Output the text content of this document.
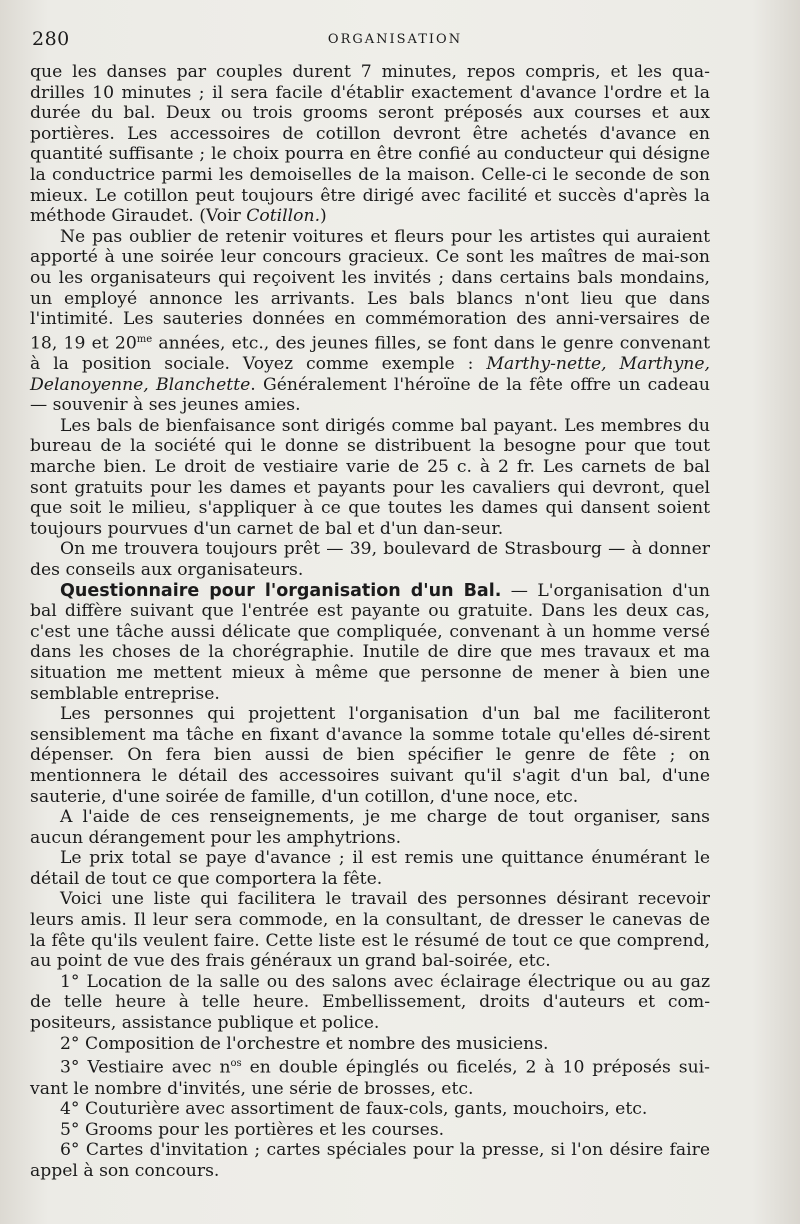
280	ORGANISATION

que les danses par couples durent 7 minutes, repos compris, et les qua-drilles 10 minutes ; il sera facile d'établir exactement d'avance l'ordre et la durée du bal. Deux ou trois grooms seront préposés aux courses et aux portières. Les accessoires de cotillon devront être achetés d'avance en quantité suffisante ; le choix pourra en être confié au conducteur qui désigne la conductrice parmi les demoiselles de la maison. Celle-ci le seconde de son mieux. Le cotillon peut toujours être dirigé avec facilité et succès d'après la méthode Giraudet. (Voir Cotillon.)

Ne pas oublier de retenir voitures et fleurs pour les artistes qui auraient apporté à une soirée leur concours gracieux. Ce sont les maîtres de mai-son ou les organisateurs qui reçoivent les invités ; dans certains bals mondains, un employé annonce les arrivants. Les bals blancs n'ont lieu que dans l'intimité. Les sauteries données en commémoration des anni-versaires de 18, 19 et $20^{me}$ années, etc., des jeunes filles, se font dans le genre convenant à la position sociale. Voyez comme exemple : Marthy-nette, Marthyne, Delanoyenne, Blanchette. Généralement l'héroïne de la fête offre un cadeau — souvenir à ses jeunes amies.

Les bals de bienfaisance sont dirigés comme bal payant. Les membres du bureau de la société qui le donne se distribuent la besogne pour que tout marche bien. Le droit de vestiaire varie de 25 c. à 2 fr. Les carnets de bal sont gratuits pour les dames et payants pour les cavaliers qui devront, quel que soit le milieu, s'appliquer à ce que toutes les dames qui dansent soient toujours pourvues d'un carnet de bal et d'un dan-seur.

On me trouvera toujours prêt — 39, boulevard de Strasbourg — à donner des conseils aux organisateurs.

Questionnaire pour l'organisation d'un Bal. — L'organisation d'un bal diffère suivant que l'entrée est payante ou gratuite. Dans les deux cas, c'est une tâche aussi délicate que compliquée, convenant à un homme versé dans les choses de la chorégraphie. Inutile de dire que mes travaux et ma situation me mettent mieux à même que personne de mener à bien une semblable entreprise.

Les personnes qui projettent l'organisation d'un bal me faciliteront sensiblement ma tâche en fixant d'avance la somme totale qu'elles dé-sirent dépenser. On fera bien aussi de bien spécifier le genre de fête ; on mentionnera le détail des accessoires suivant qu'il s'agit d'un bal, d'une sauterie, d'une soirée de famille, d'un cotillon, d'une noce, etc.

A l'aide de ces renseignements, je me charge de tout organiser, sans aucun dérangement pour les amphytrions.

Le prix total se paye d'avance ; il est remis une quittance énumérant le détail de tout ce que comportera la fête.

Voici une liste qui facilitera le travail des personnes désirant recevoir leurs amis. Il leur sera commode, en la consultant, de dresser le canevas de la fête qu'ils veulent faire. Cette liste est le résumé de tout ce que comprend, au point de vue des frais généraux un grand bal-soirée, etc.

1° Location de la salle ou des salons avec éclairage électrique ou au gaz de telle heure à telle heure. Embellissement, droits d'auteurs et com-positeurs, assistance publique et police.

2° Composition de l'orchestre et nombre des musiciens.

3° Vestiaire avec $n^{os}$ en double épinglés ou ficelés, 2 à 10 préposés sui-vant le nombre d'invités, une série de brosses, etc.

4° Couturière avec assortiment de faux-cols, gants, mouchoirs, etc.

5° Grooms pour les portières et les courses.

6° Cartes d'invitation ; cartes spéciales pour la presse, si l'on désire faire appel à son concours.
